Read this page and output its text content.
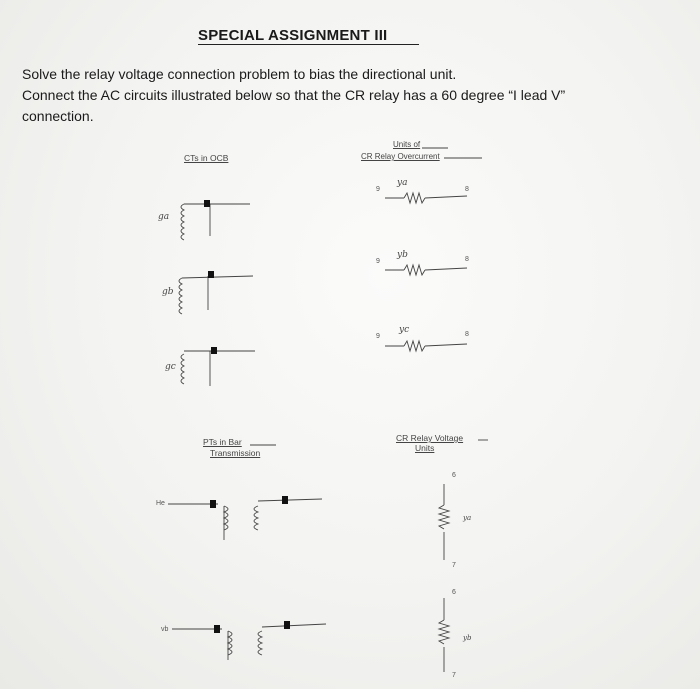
SPECIAL ASSIGNMENT III
Solve the relay voltage connection problem to bias the directional unit.
Connect the AC circuits illustrated below so that the CR relay has a 60 degree “I lead V”
connection.
CTs in OCB
Units of
CR Relay Overcurrent
PTs in Bar
Transmission
CR Relay Voltage
Units
ga
gb
gc
ya
9	8
yb
9	8
yc
9	8
He
vb
6
ya
7
6
yb
7
